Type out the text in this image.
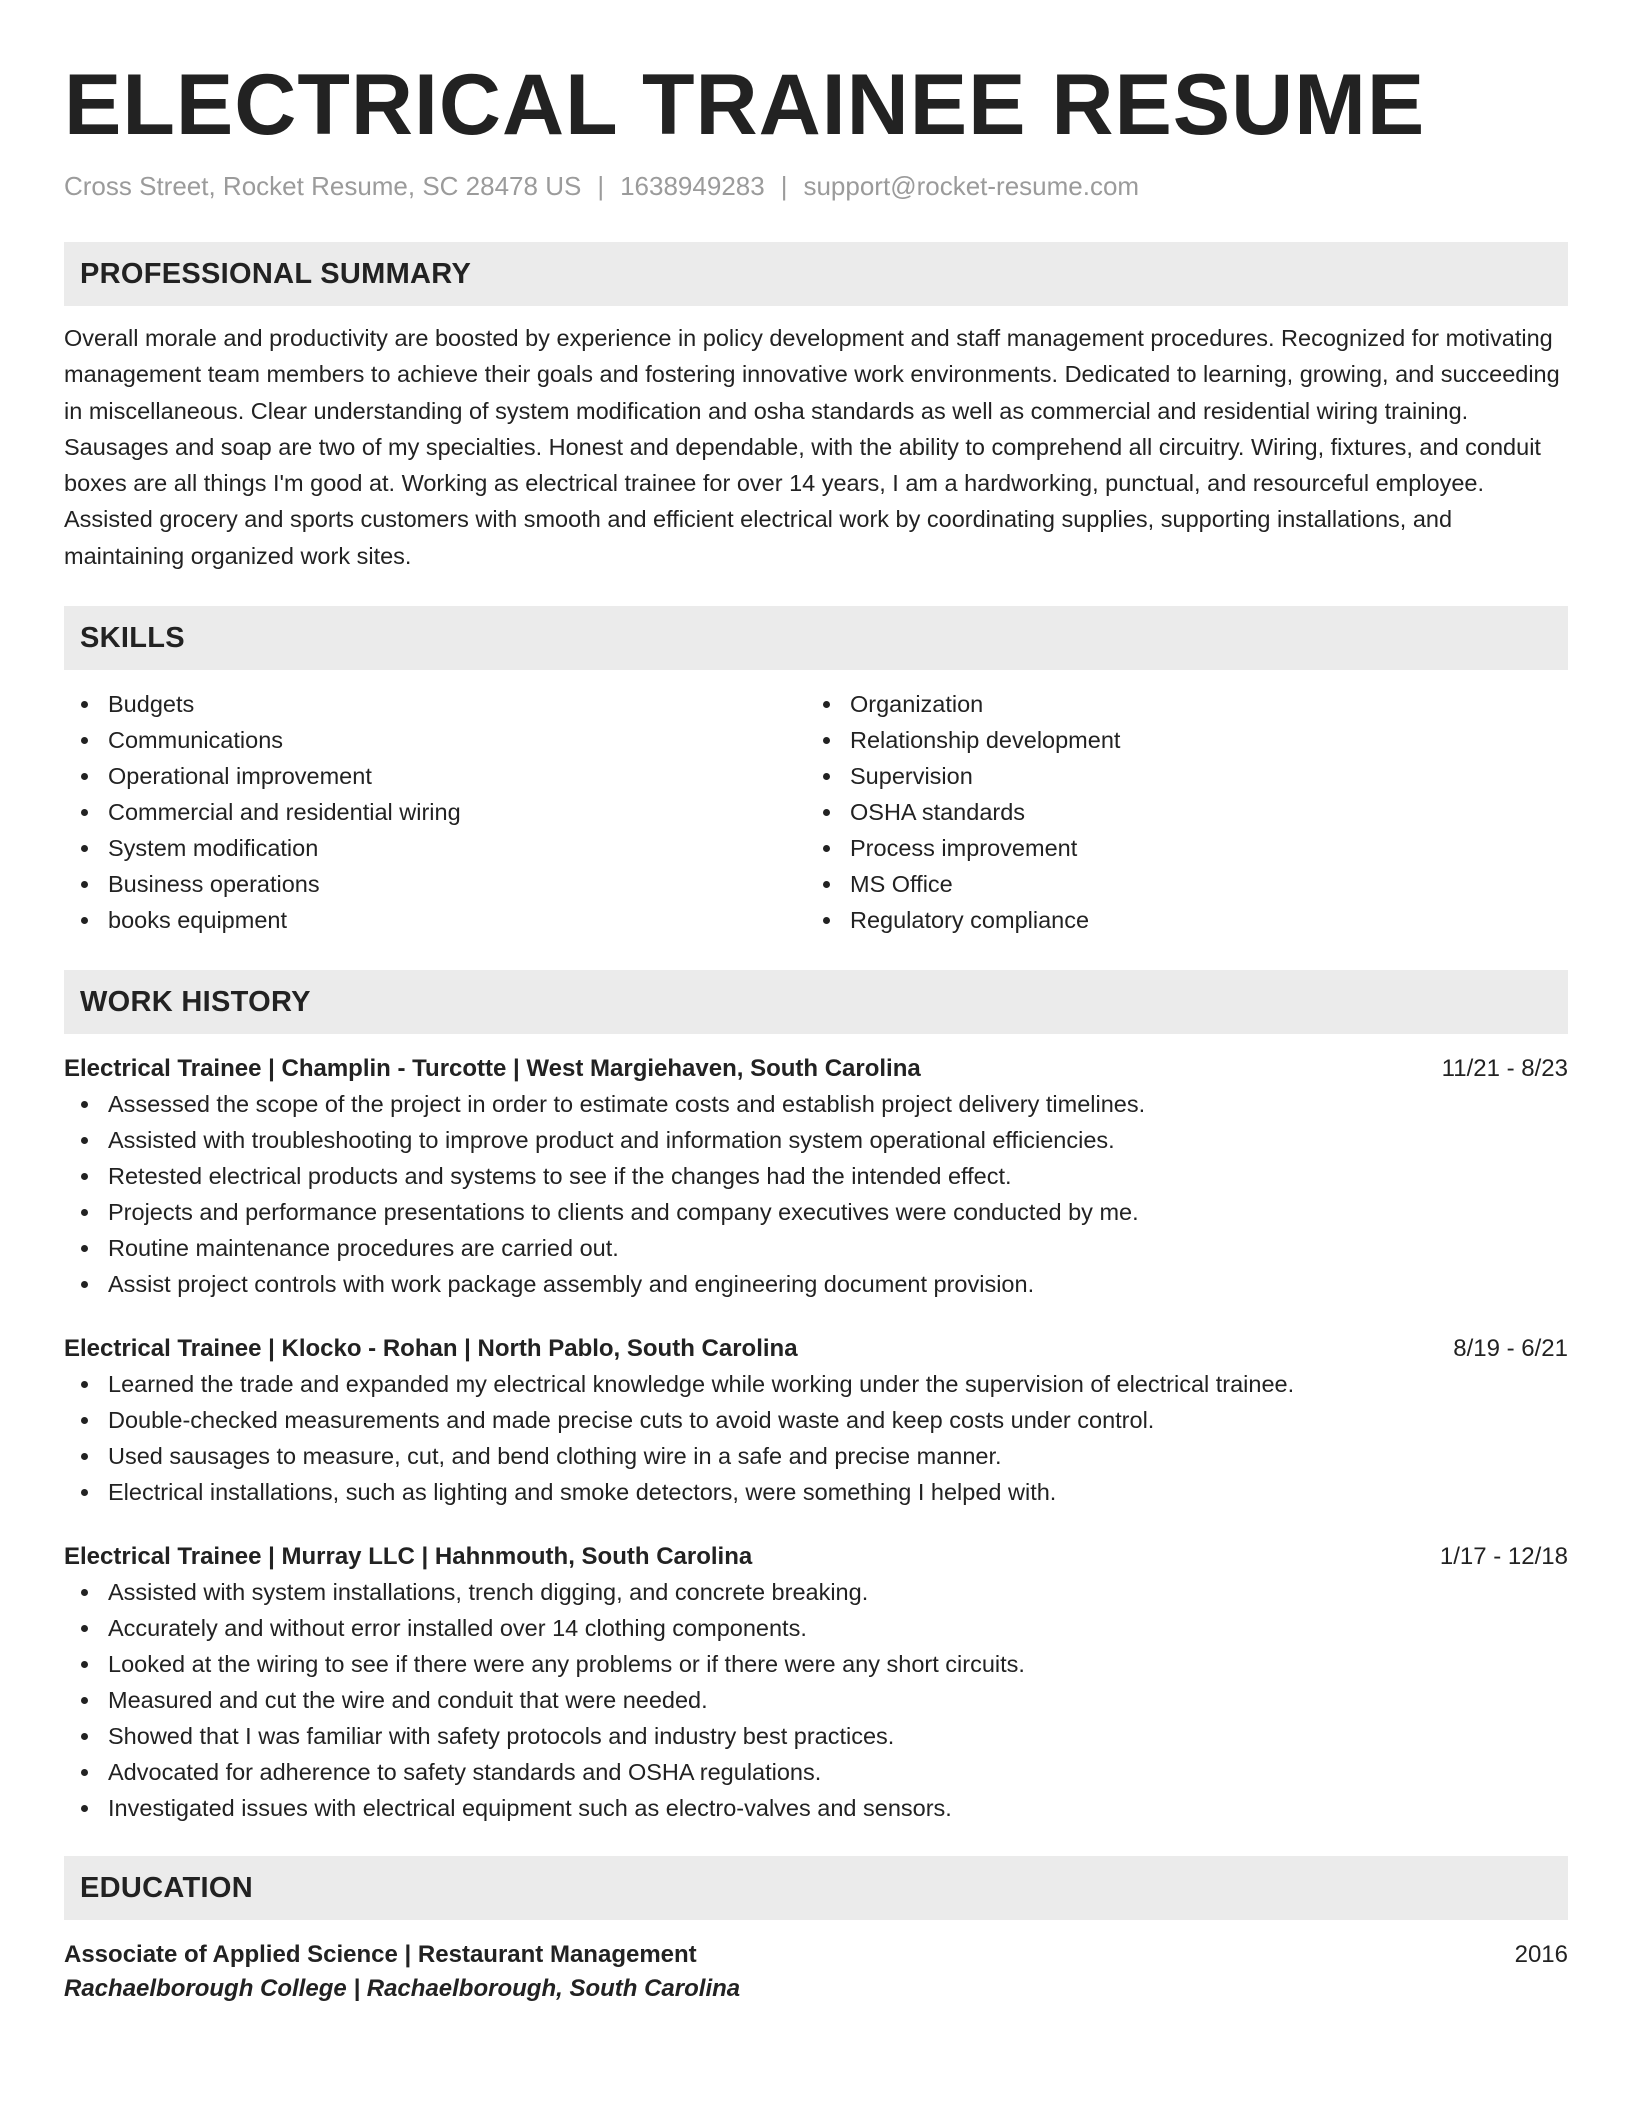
ELECTRICAL TRAINEE RESUME
Cross Street, Rocket Resume, SC 28478 US | 1638949283 | support@rocket-resume.com
PROFESSIONAL SUMMARY

Overall morale and productivity are boosted by experience in policy development and staff management procedures. Recognized for motivating management team members to achieve their goals and fostering innovative work environments. Dedicated to learning, growing, and succeeding in miscellaneous. Clear understanding of system modification and osha standards as well as commercial and residential wiring training. Sausages and soap are two of my specialties. Honest and dependable, with the ability to comprehend all circuitry. Wiring, fixtures, and conduit boxes are all things I'm good at. Working as electrical trainee for over 14 years, I am a hardworking, punctual, and resourceful employee. Assisted grocery and sports customers with smooth and efficient electrical work by coordinating supplies, supporting installations, and maintaining organized work sites.

SKILLS
Budgets
Communications
Operational improvement
Commercial and residential wiring
System modification
Business operations
books equipment
Organization
Relationship development
Supervision
OSHA standards
Process improvement
MS Office
Regulatory compliance
WORK HISTORY
Electrical Trainee | Champlin - Turcotte | West Margiehaven, South Carolina	11/21 - 8/23
Assessed the scope of the project in order to estimate costs and establish project delivery timelines.
Assisted with troubleshooting to improve product and information system operational efficiencies.
Retested electrical products and systems to see if the changes had the intended effect.
Projects and performance presentations to clients and company executives were conducted by me.
Routine maintenance procedures are carried out.
Assist project controls with work package assembly and engineering document provision.
Electrical Trainee | Klocko - Rohan | North Pablo, South Carolina	8/19 - 6/21
Learned the trade and expanded my electrical knowledge while working under the supervision of electrical trainee.
Double-checked measurements and made precise cuts to avoid waste and keep costs under control.
Used sausages to measure, cut, and bend clothing wire in a safe and precise manner.
Electrical installations, such as lighting and smoke detectors, were something I helped with.
Electrical Trainee | Murray LLC | Hahnmouth, South Carolina	1/17 - 12/18
Assisted with system installations, trench digging, and concrete breaking.
Accurately and without error installed over 14 clothing components.
Looked at the wiring to see if there were any problems or if there were any short circuits.
Measured and cut the wire and conduit that were needed.
Showed that I was familiar with safety protocols and industry best practices.
Advocated for adherence to safety standards and OSHA regulations.
Investigated issues with electrical equipment such as electro-valves and sensors.
EDUCATION
Associate of Applied Science | Restaurant Management	2016
Rachaelborough College | Rachaelborough, South Carolina
